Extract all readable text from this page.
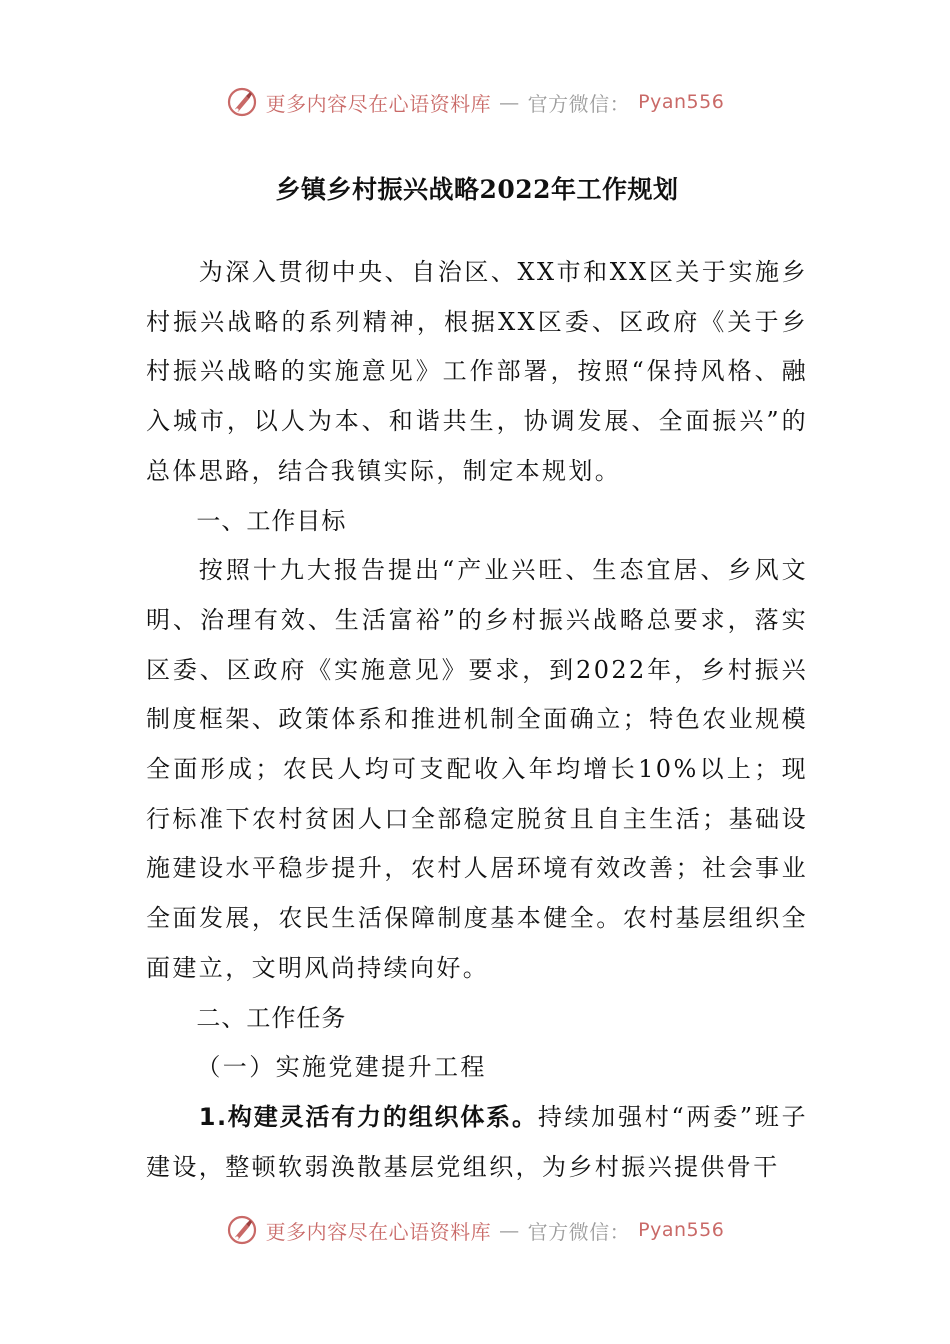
更多内容尽在心语资料库 — 官方微信： Pyan556
乡镇乡村振兴战略2022年工作规划

为深入贯彻中央、自治区、XX市和XX区关于实施乡村振兴战略的系列精神，根据XX区委、区政府《关于乡村振兴战略的实施意见》工作部署，按照“保持风格、融入城市，以人为本、和谐共生，协调发展、全面振兴”的总体思路，结合我镇实际，制定本规划。

一、工作目标

按照十九大报告提出“产业兴旺、生态宜居、乡风文明、治理有效、生活富裕”的乡村振兴战略总要求，落实区委、区政府《实施意见》要求，到2022年，乡村振兴制度框架、政策体系和推进机制全面确立；特色农业规模全面形成；农民人均可支配收入年均增长10%以上；现行标准下农村贫困人口全部稳定脱贫且自主生活；基础设施建设水平稳步提升，农村人居环境有效改善；社会事业全面发展，农民生活保障制度基本健全。农村基层组织全面建立，文明风尚持续向好。

二、工作任务

（一）实施党建提升工程

1.构建灵活有力的组织体系。持续加强村“两委”班子建设，整顿软弱涣散基层党组织，为乡村振兴提供骨干

更多内容尽在心语资料库 — 官方微信： Pyan556
